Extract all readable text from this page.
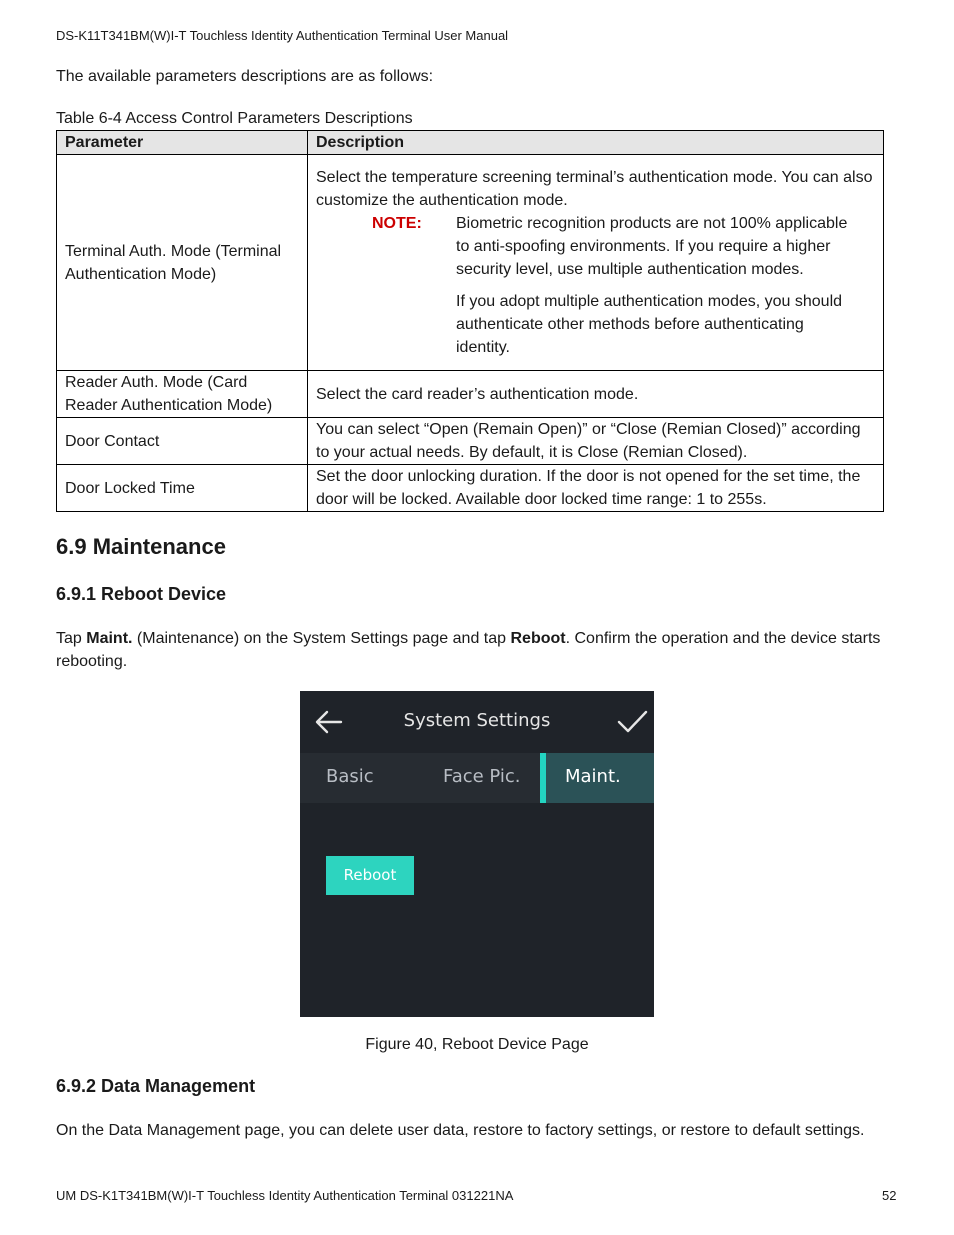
DS-K11T341BM(W)I-T Touchless Identity Authentication Terminal User Manual
The available parameters descriptions are as follows:
Table 6-4 Access Control Parameters Descriptions
Parameter	Description
Terminal Auth. Mode (Terminal Authentication Mode)	Select the temperature screening terminal’s authentication mode. You can also customize the authentication mode.
NOTE: Biometric recognition products are not 100% applicable to anti-spoofing environments. If you require a higher security level, use multiple authentication modes.

If you adopt multiple authentication modes, you should authenticate other methods before authenticating identity.

Reader Auth. Mode (Card Reader Authentication Mode)	Select the card reader’s authentication mode.
Door Contact	You can select “Open (Remain Open)” or “Close (Remian Closed)” according to your actual needs. By default, it is Close (Remian Closed).
Door Locked Time	Set the door unlocking duration. If the door is not opened for the set time, the door will be locked. Available door locked time range: 1 to 255s.
6.9 Maintenance
6.9.1 Reboot Device
Tap Maint. (Maintenance) on the System Settings page and tap Reboot. Confirm the operation and the device starts rebooting.
System Settings
Basic	Face Pic.	Maint.
Reboot
Figure 40, Reboot Device Page
6.9.2 Data Management
On the Data Management page, you can delete user data, restore to factory settings, or restore to default settings.
UM DS-K1T341BM(W)I-T Touchless Identity Authentication Terminal 031221NA	52
